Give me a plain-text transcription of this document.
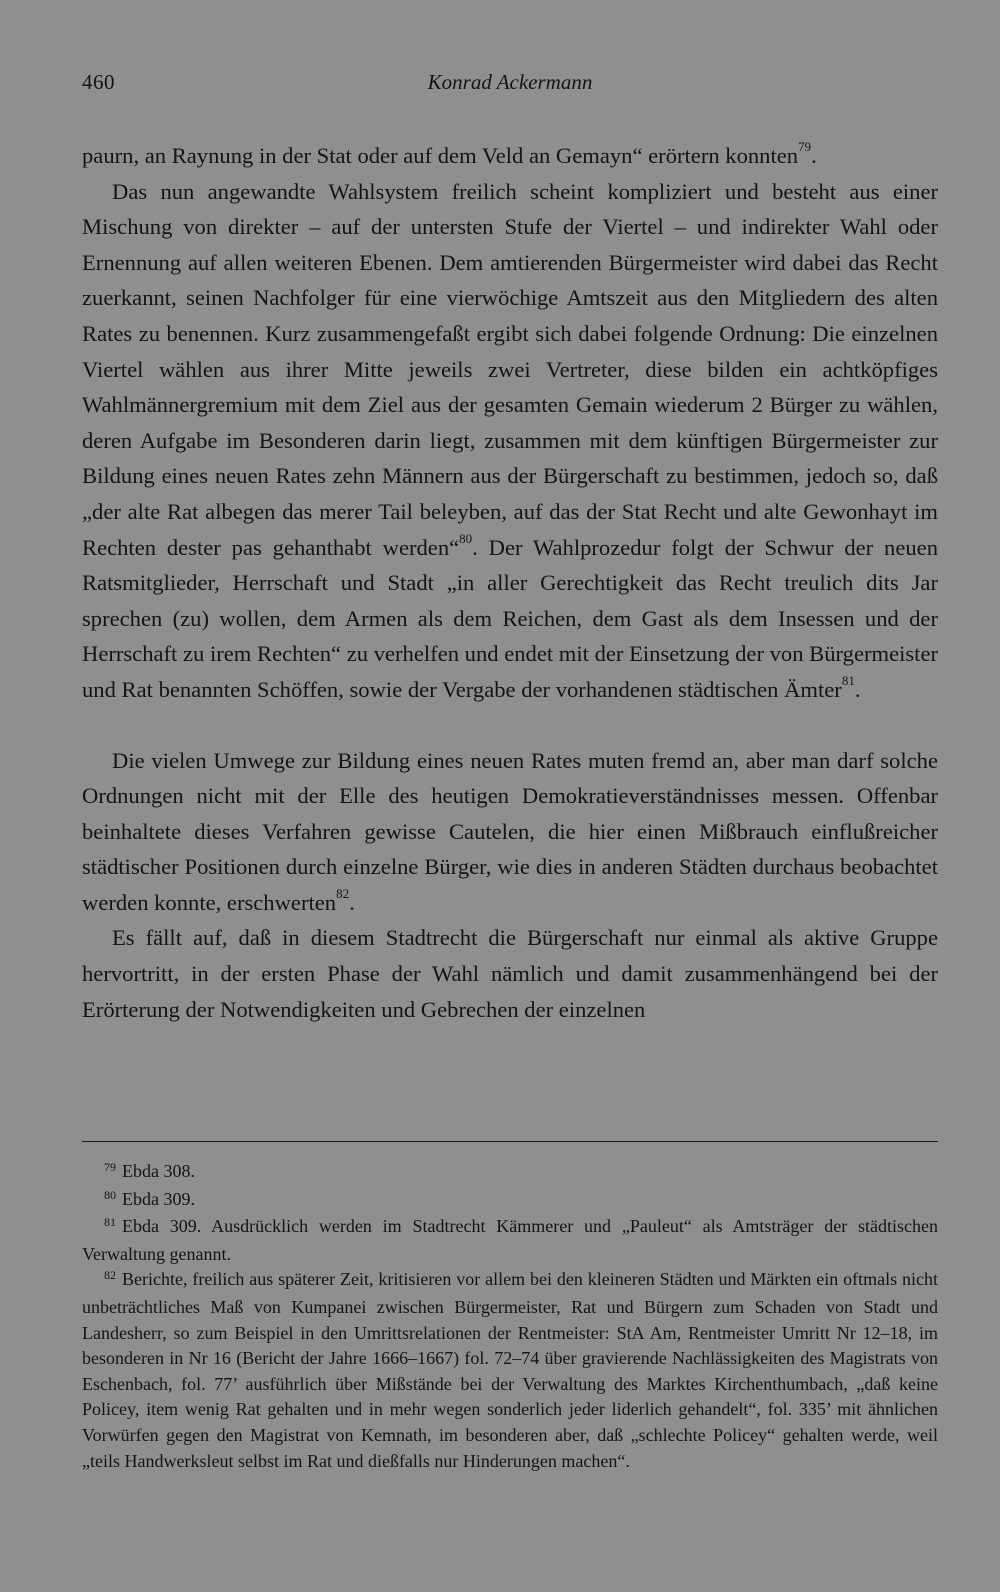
460	Konrad Ackermann

paurn, an Raynung in der Stat oder auf dem Veld an Gemayn“ erörtern konnten$^{79}$.

Das nun angewandte Wahlsystem freilich scheint kompliziert und besteht aus einer Mischung von direkter – auf der untersten Stufe der Viertel – und indirekter Wahl oder Ernennung auf allen weiteren Ebenen. Dem amtierenden Bürgermeister wird dabei das Recht zuerkannt, seinen Nachfolger für eine vierwöchige Amtszeit aus den Mitgliedern des alten Rates zu benennen. Kurz zusammengefaßt ergibt sich dabei folgende Ordnung: Die einzelnen Viertel wählen aus ihrer Mitte jeweils zwei Vertreter, diese bilden ein achtköpfiges Wahlmännergremium mit dem Ziel aus der gesamten Gemain wiederum 2 Bürger zu wählen, deren Aufgabe im Besonderen darin liegt, zusammen mit dem künftigen Bürgermeister zur Bildung eines neuen Rates zehn Männern aus der Bürgerschaft zu bestimmen, jedoch so, daß „der alte Rat albegen das merer Tail beleyben, auf das der Stat Recht und alte Gewonhayt im Rechten dester pas gehanthabt werden“$^{80}$. Der Wahlprozedur folgt der Schwur der neuen Ratsmitglieder, Herrschaft und Stadt „in aller Gerechtigkeit das Recht treulich dits Jar sprechen (zu) wollen, dem Armen als dem Reichen, dem Gast als dem Insessen und der Herrschaft zu irem Rechten“ zu verhelfen und endet mit der Einsetzung der von Bürgermeister und Rat benannten Schöffen, sowie der Vergabe der vorhandenen städtischen Ämter$^{81}$.

Die vielen Umwege zur Bildung eines neuen Rates muten fremd an, aber man darf solche Ordnungen nicht mit der Elle des heutigen Demokratieverständnisses messen. Offenbar beinhaltete dieses Verfahren gewisse Cautelen, die hier einen Mißbrauch einflußreicher städtischer Positionen durch einzelne Bürger, wie dies in anderen Städten durchaus beobachtet werden konnte, erschwerten$^{82}$.

Es fällt auf, daß in diesem Stadtrecht die Bürgerschaft nur einmal als aktive Gruppe hervortritt, in der ersten Phase der Wahl nämlich und damit zusammenhängend bei der Erörterung der Notwendigkeiten und Gebrechen der einzelnen

$^{79}$ Ebda 308.

$^{80}$ Ebda 309.

$^{81}$ Ebda 309. Ausdrücklich werden im Stadtrecht Kämmerer und „Pauleut“ als Amtsträger der städtischen Verwaltung genannt.

$^{82}$ Berichte, freilich aus späterer Zeit, kritisieren vor allem bei den kleineren Städten und Märkten ein oftmals nicht unbeträchtliches Maß von Kumpanei zwischen Bürgermeister, Rat und Bürgern zum Schaden von Stadt und Landesherr, so zum Beispiel in den Umrittsrelationen der Rentmeister: StA Am, Rentmeister Umritt Nr 12–18, im besonderen in Nr 16 (Bericht der Jahre 1666–1667) fol. 72–74 über gravierende Nachlässigkeiten des Magistrats von Eschenbach, fol. 77’ ausführlich über Mißstände bei der Verwaltung des Marktes Kirchenthumbach, „daß keine Policey, item wenig Rat gehalten und in mehr wegen sonderlich jeder liderlich gehandelt“, fol. 335’ mit ähnlichen Vorwürfen gegen den Magistrat von Kemnath, im besonderen aber, daß „schlechte Policey“ gehalten werde, weil „teils Handwerksleut selbst im Rat und dießfalls nur Hinderungen machen“.
